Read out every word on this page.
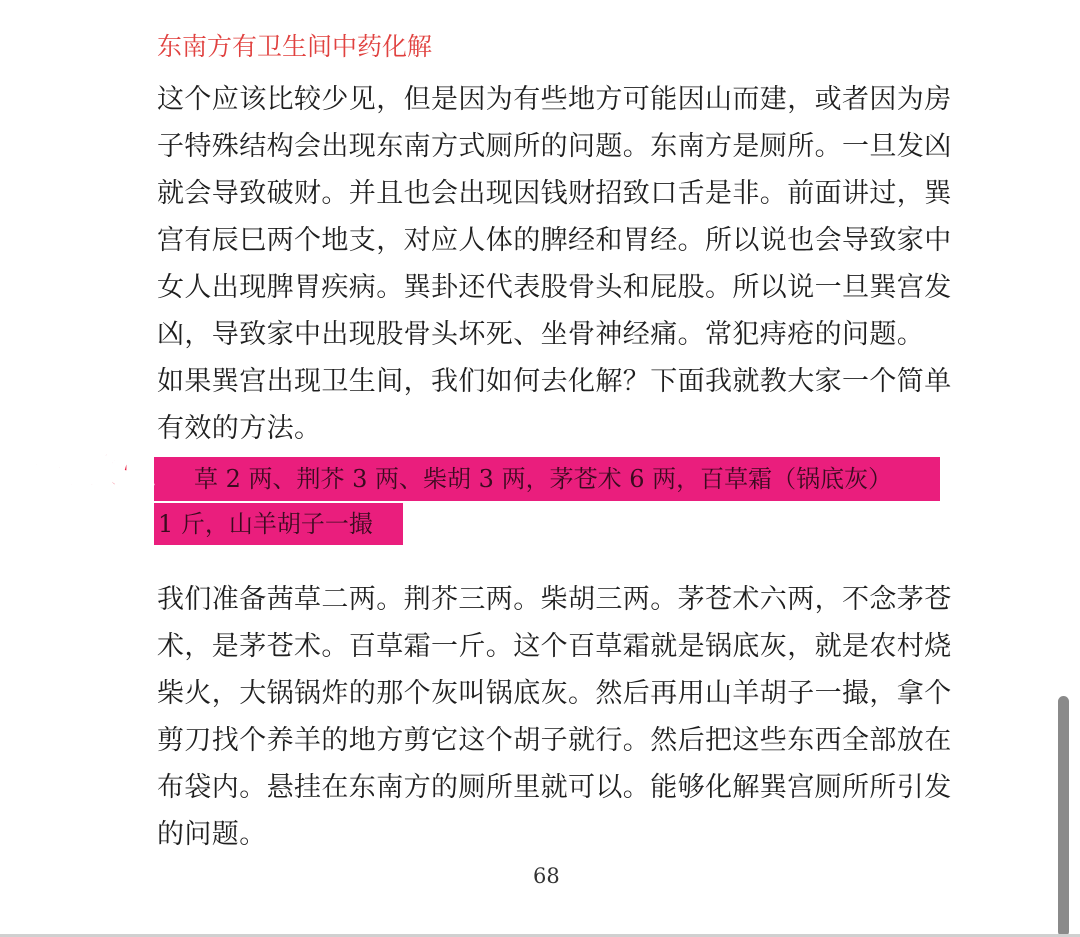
东南方有卫生间中药化解
这个应该比较少见，但是因为有些地方可能因山而建，或者因为房
子特殊结构会出现东南方式厕所的问题。东南方是厕所。一旦发凶
就会导致破财。并且也会出现因钱财招致口舌是非。前面讲过，巽
宫有辰巳两个地支，对应人体的脾经和胃经。所以说也会导致家中
女人出现脾胃疾病。巽卦还代表股骨头和屁股。所以说一旦巽宫发
凶，导致家中出现股骨头坏死、坐骨神经痛。常犯痔疮的问题。
如果巽宫出现卫生间，我们如何去化解？下面我就教大家一个简单
有效的方法。
草 2 两、荆芥 3 两、柴胡 3 两，茅苍术 6 两，百草霜（锅底灰）
1 斤，山羊胡子一撮
九易教程
我们准备茜草二两。荆芥三两。柴胡三两。茅苍术六两，不念茅苍
术，是茅苍术。百草霜一斤。这个百草霜就是锅底灰，就是农村烧
柴火，大锅锅炸的那个灰叫锅底灰。然后再用山羊胡子一撮，拿个
剪刀找个养羊的地方剪它这个胡子就行。然后把这些东西全部放在
布袋内。悬挂在东南方的厕所里就可以。能够化解巽宫厕所所引发
的问题。
68
